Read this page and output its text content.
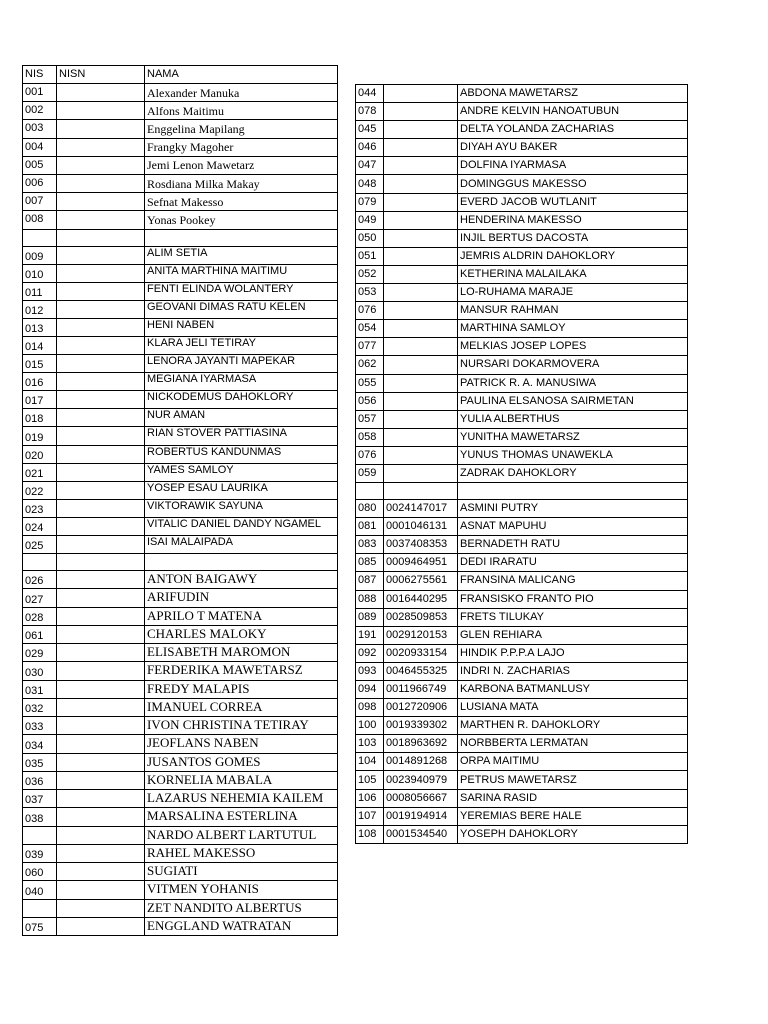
NIS	NISN	NAMA
001		Alexander Manuka
002		Alfons Maitimu
003		Enggelina Mapilang
004		Frangky Magoher
005		Jemi Lenon Mawetarz
006		Rosdiana Milka Makay
007		Sefnat Makesso
008		Yonas Pookey

009		ALIM SETIA
010		ANITA MARTHINA MAITIMU
011		FENTI ELINDA WOLANTERY
012		GEOVANI DIMAS RATU KELEN
013		HENI NABEN
014		KLARA JELI TETIRAY
015		LENORA JAYANTI MAPEKAR
016		MEGIANA IYARMASA
017		NICKODEMUS DAHOKLORY
018		NUR AMAN
019		RIAN STOVER PATTIASINA
020		ROBERTUS KANDUNMAS
021		YAMES SAMLOY
022		YOSEP ESAU LAURIKA
023		VIKTORAWIK SAYUNA
024		VITALIC DANIEL DANDY NGAMEL
025		ISAI MALAIPADA

026		ANTON BAIGAWY
027		ARIFUDIN
028		APRILO T MATENA
061		CHARLES MALOKY
029		ELISABETH MAROMON
030		FERDERIKA MAWETARSZ
031		FREDY MALAPIS
032		IMANUEL CORREA
033		IVON CHRISTINA TETIRAY
034		JEOFLANS NABEN
035		JUSANTOS GOMES
036		KORNELIA MABALA
037		LAZARUS NEHEMIA KAILEM
038		MARSALINA ESTERLINA
		NARDO ALBERT LARTUTUL
039		RAHEL MAKESSO
060		SUGIATI
040		VITMEN YOHANIS
		ZET NANDITO ALBERTUS
075		ENGGLAND WATRATAN
044		ABDONA MAWETARSZ
078		ANDRE KELVIN HANOATUBUN
045		DELTA YOLANDA ZACHARIAS
046		DIYAH AYU BAKER
047		DOLFINA IYARMASA
048		DOMINGGUS MAKESSO
079		EVERD JACOB WUTLANIT
049		HENDERINA MAKESSO
050		INJIL BERTUS DACOSTA
051		JEMRIS ALDRIN DAHOKLORY
052		KETHERINA MALAILAKA
053		LO-RUHAMA MARAJE
076		MANSUR RAHMAN
054		MARTHINA SAMLOY
077		MELKIAS JOSEP LOPES
062		NURSARI DOKARMOVERA
055		PATRICK R. A. MANUSIWA
056		PAULINA ELSANOSA SAIRMETAN
057		YULIA ALBERTHUS
058		YUNITHA MAWETARSZ
076		YUNUS THOMAS UNAWEKLA
059		ZADRAK DAHOKLORY

080	0024147017	ASMINI PUTRY
081	0001046131	ASNAT MAPUHU
083	0037408353	BERNADETH RATU
085	0009464951	DEDI IRARATU
087	0006275561	FRANSINA MALICANG
088	0016440295	FRANSISKO FRANTO PIO
089	0028509853	FRETS TILUKAY
191	0029120153	GLEN REHIARA
092	0020933154	HINDIK P.P.P.A LAJO
093	0046455325	INDRI N. ZACHARIAS
094	0011966749	KARBONA BATMANLUSY
098	0012720906	LUSIANA MATA
100	0019339302	MARTHEN R. DAHOKLORY
103	0018963692	NORBBERTA LERMATAN
104	0014891268	ORPA MAITIMU
105	0023940979	PETRUS MAWETARSZ
106	0008056667	SARINA RASID
107	0019194914	YEREMIAS BERE HALE
108	0001534540	YOSEPH DAHOKLORY
